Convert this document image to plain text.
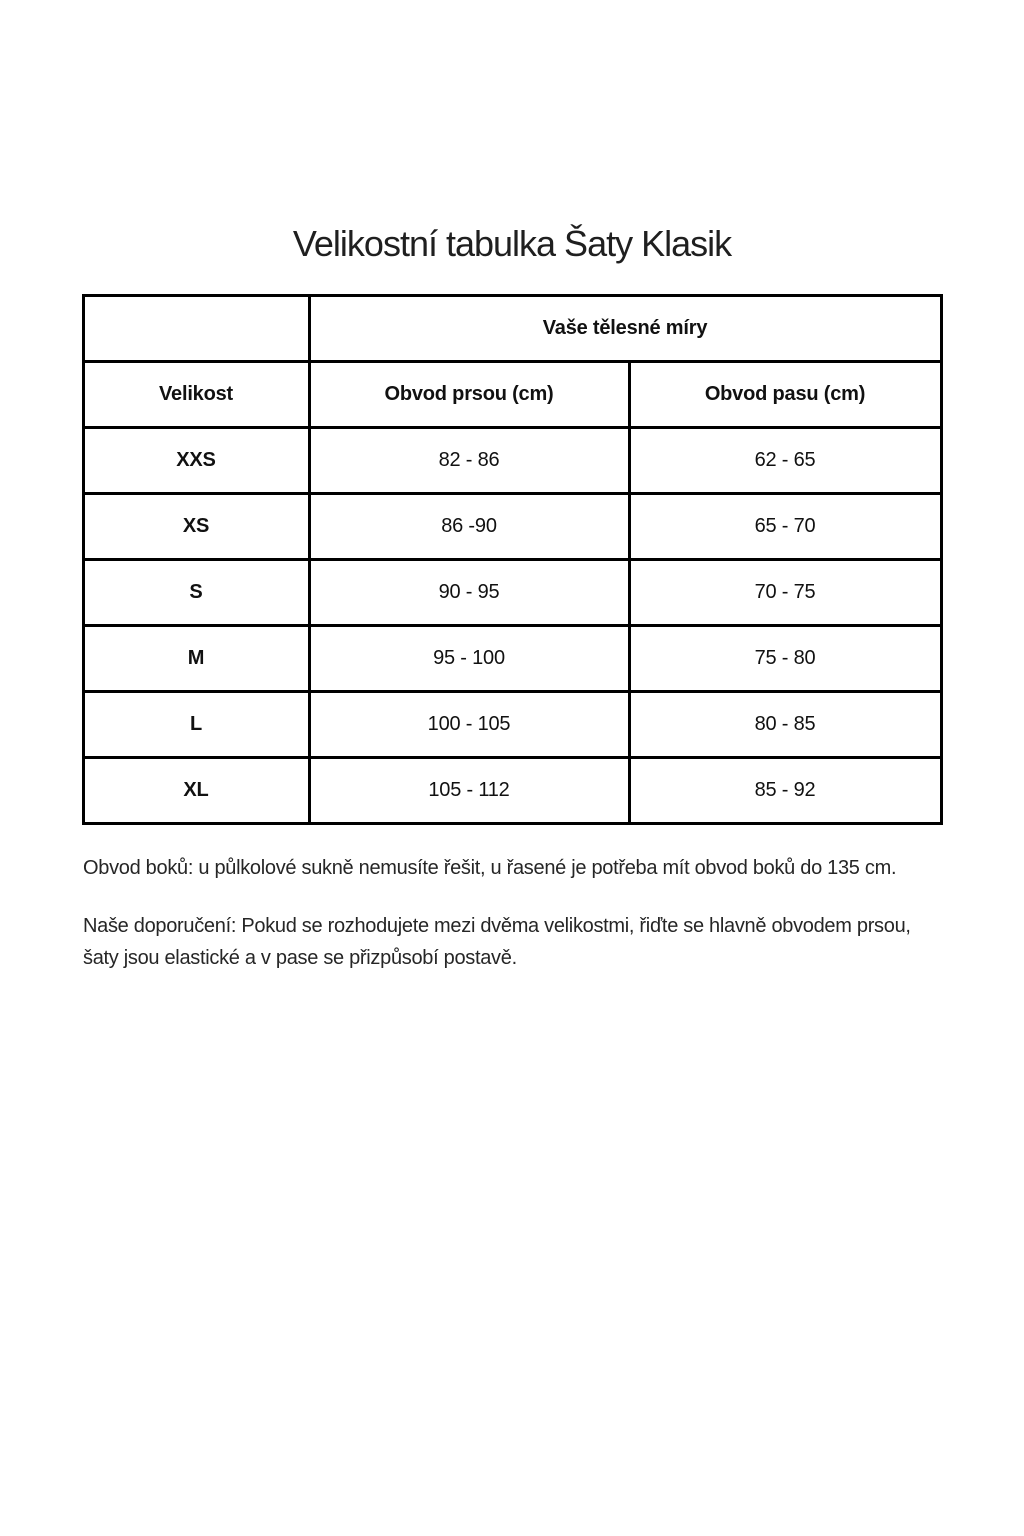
Velikostní tabulka Šaty Klasik
	Vaše tělesné míry	
Velikost	Obvod prsou (cm)	Obvod pasu (cm)
XXS	82 - 86	62 - 65
XS	86 -90	65 - 70
S	90 - 95	70 - 75
M	95 - 100	75 - 80
L	100 - 105	80 - 85
XL	105 - 112	85 - 92

Obvod boků: u půlkolové sukně nemusíte řešit, u řasené je potřeba mít obvod boků do 135 cm.

Naše doporučení: Pokud se rozhodujete mezi dvěma velikostmi, řiďte se hlavně obvodem prsou, šaty jsou elastické a v pase se přizpůsobí postavě.
